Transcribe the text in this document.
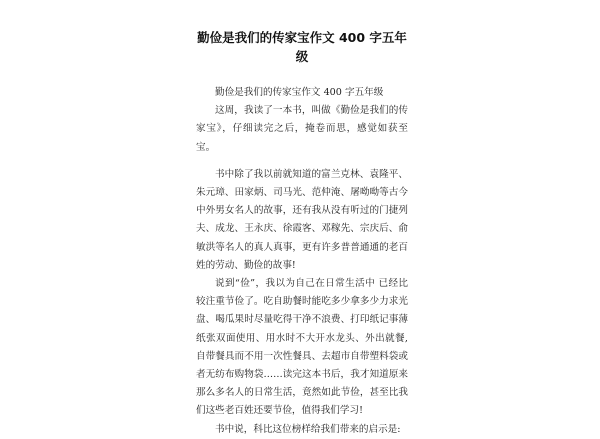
勤俭是我们的传家宝作文 400 字五年级

勤俭是我们的传家宝作文 400 字五年级

这周，我读了一本书，叫做《勤俭是我们的传家宝》，仔细读完之后，掩卷而思，感觉如获至宝。

书中除了我以前就知道的富兰克林、袁隆平、朱元璋、田家炳、司马光、范仲淹、屠呦呦等古今中外男女名人的故事，还有我从没有听过的门捷列夫、成龙、王永庆、徐霞客、邓稼先、宗庆后、俞敏洪等名人的真人真事，更有许多普普通通的老百姓的劳动、勤俭的故事!

说到“俭”，我以为自己在日常生活中 已经比较注重节俭了。吃自助餐时能吃多少拿多少力求光盘、喝瓜果时尽量吃得干净不浪费、打印纸记事薄纸张双面使用、用水时不大开水龙头、外出就餐,自带餐具而不用一次性餐具、去超市自带塑料袋或者无纺布购物袋……读完这本书后，我才知道原来那么多名人的日常生活，竟然如此节俭，甚至比我们这些老百姓还要节俭，值得我们学习!

书中说，科比这位榜样给我们带来的启示是:
